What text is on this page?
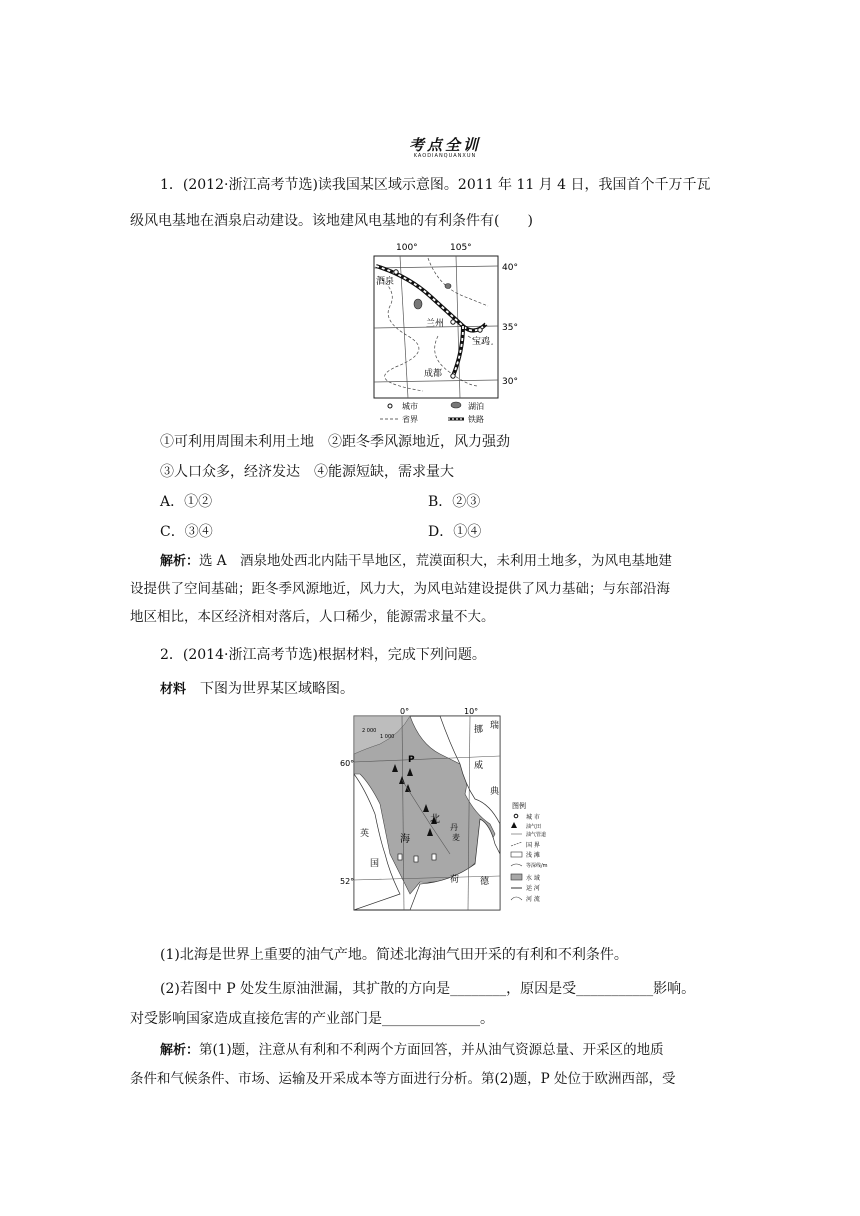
考点全训
KAODIANQUANXUN
1．(2012·浙江高考节选)读我国某区域示意图。2011 年 11 月 4 日，我国首个千万千瓦
级风电基地在酒泉启动建设。该地建风电基地的有利条件有(　　)
酒泉
兰州
宝鸡
成都
100°	105°
40°
35°
30°
城市	湖泊
省界	铁路
①可利用周围未利用土地　②距冬季风源地近，风力强劲
③人口众多，经济发达　④能源短缺，需求量大
A．①②	B．②③
C．③④	D．①④
解析：选 A　酒泉地处西北内陆干旱地区，荒漠面积大，未利用土地多，为风电基地建
设提供了空间基础；距冬季风源地近，风力大，为风电站建设提供了风力基础；与东部沿海
地区相比，本区经济相对落后，人口稀少，能源需求量不大。
2．(2014·浙江高考节选)根据材料，完成下列问题。
材料 下图为世界某区域略图。
0°	10°
60°
52°
2 000
1 000
P
挪
威
瑞
典
北
海
英
国
丹
麦
荷 德
图例
城 市
油气田
油气管道
国 界
浅 滩
等深线/m
水 域
运 河
河 流
(1)北海是世界上重要的油气产地。简述北海油气田开采的有利和不利条件。
(2)若图中 P 处发生原油泄漏，其扩散的方向是________，原因是受___________影响。
对受影响国家造成直接危害的产业部门是______________。
解析：第(1)题，注意从有利和不利两个方面回答，并从油气资源总量、开采区的地质
条件和气候条件、市场、运输及开采成本等方面进行分析。第(2)题，P 处位于欧洲西部，受
